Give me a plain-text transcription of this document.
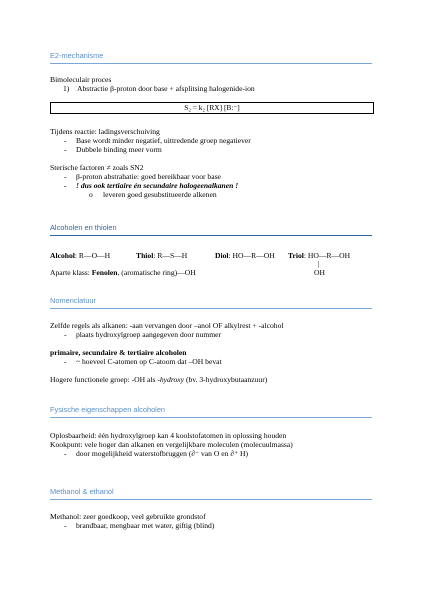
E2-mechanisme
Bimoleculair proces
1) Abstractie β-proton door base + afsplitsing halogenide-ion
S₂ = k₂ [RX] [B:⁻]
Tijdens reactie: ladingsverschuiving
- Base wordt minder negatief, uittredende groep negatiever
- Dubbele binding meer vorm
Sterische factoren ≠ zoals SN2
- β-proton abstrahatie: goed bereikbaar voor base
- ! dus ook tertiaire én secundaire halogeenalkanen !
o leveren goed gesubstitueerde alkenen
Alcoholen en thiolen
Alcohol: R—O—H	Thiol: R—S—H	Diol: HO—R—OH Triol: HO—R—OH
|
OH
Aparte klass: Fenolen, (aromatische ring)—OH
Nomenclatuur
Zelfde regels als alkanen: -aan vervangen door –anol OF alkylrest + -alcohol
- plaats hydroxylgroep aangegeven door nummer
primaire, secundaire & tertiaire alcoholen
- ~ hoeveel C-atomen op C-atoom dat –OH bevat
Hogere functionele groep: -OH als -hydroxy (bv. 3-hydroxybutaanzuur)
Fysische eigenschappen alcoholen
Oplosbaarheid: één hydroxylgroep kan 4 koolstofatomen in oplossing houden
Kookpunt: vele hoger dan alkanen en vergelijkbare moleculen (molecuulmassa)
- door mogelijkheid waterstofbruggen (∂⁻ van O en ∂⁺ H)
Methanol & ethanol
Methanol: zeer goedkoop, veel gebruikte grondstof
- brandbaar, mengbaar met water, giftig (blind)
